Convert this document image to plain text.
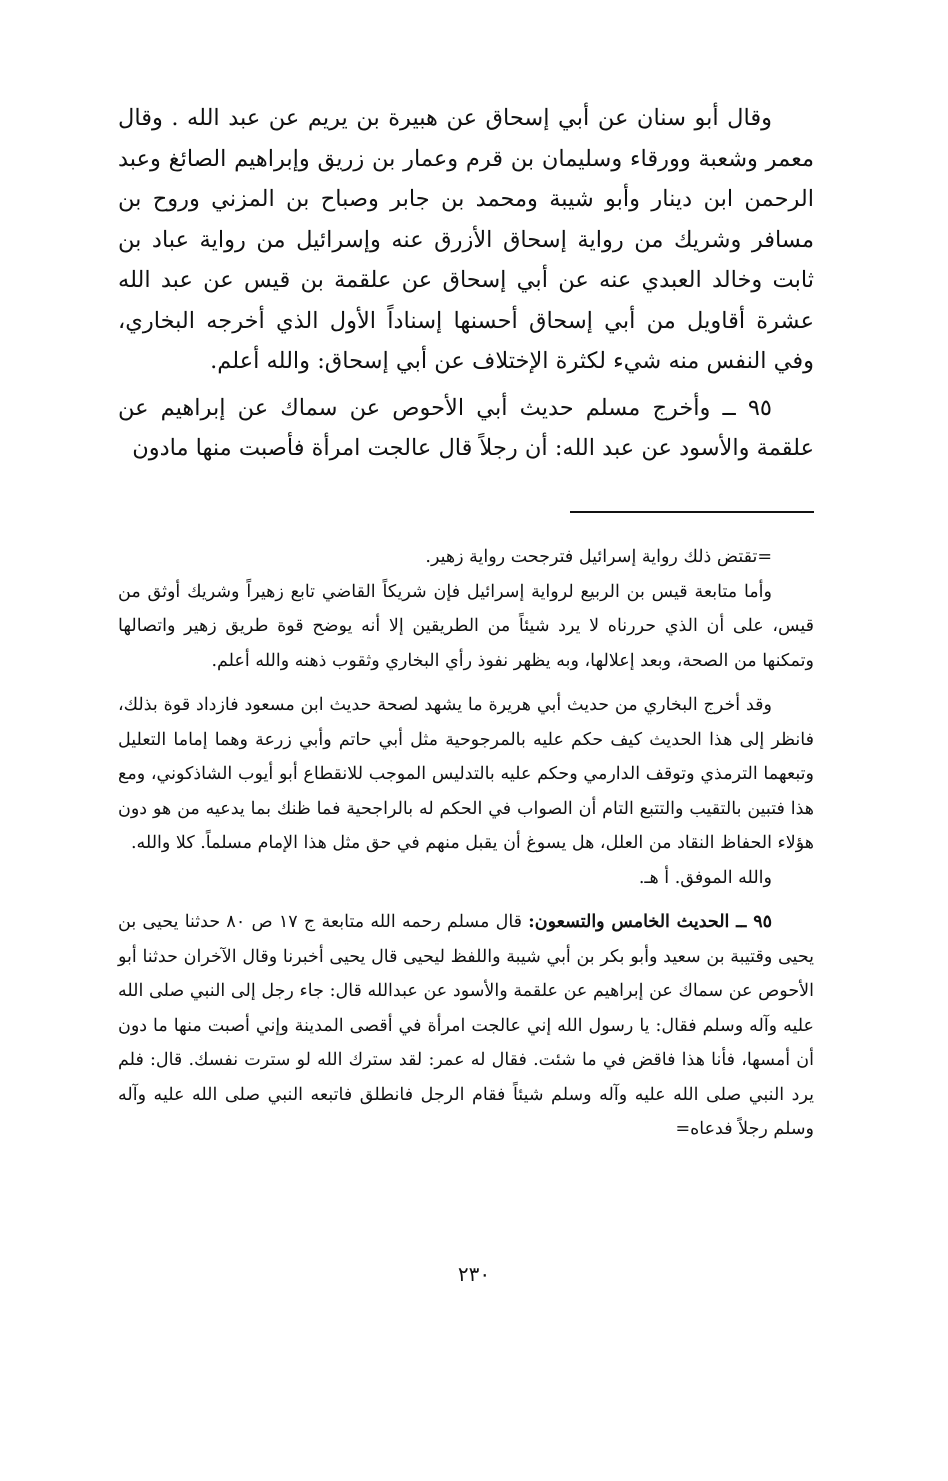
وقال أبو سنان عن أبي إسحاق عن هبيرة بن يريم عن عبد الله . وقال معمر وشعبة وورقاء وسليمان بن قرم وعمار بن زريق وإبراهيم الصائغ وعبد الرحمن ابن دينار وأبو شيبة ومحمد بن جابر وصباح بن المزني وروح بن مسافر وشريك من رواية إسحاق الأزرق عنه وإسرائيل من رواية عباد بن ثابت وخالد العبدي عنه عن أبي إسحاق عن علقمة بن قيس عن عبد الله عشرة أقاويل من أبي إسحاق أحسنها إسناداً الأول الذي أخرجه البخاري، وفي النفس منه شيء لكثرة الإختلاف عن أبي إسحاق: والله أعلم.

٩٥ ــ وأخرج مسلم حديث أبي الأحوص عن سماك عن إبراهيم عن علقمة والأسود عن عبد الله: أن رجلاً قال عالجت امرأة فأصبت منها مادون

=تقتض ذلك رواية إسرائيل فترجحت رواية زهير.

وأما متابعة قيس بن الربيع لرواية إسرائيل فإن شريكاً القاضي تابع زهيراً وشريك أوثق من قيس، على أن الذي حررناه لا يرد شيئاً من الطريقين إلا أنه يوضح قوة طريق زهير واتصالها وتمكنها من الصحة، وبعد إعلالها، وبه يظهر نفوذ رأي البخاري وثقوب ذهنه والله أعلم.

وقد أخرج البخاري من حديث أبي هريرة ما يشهد لصحة حديث ابن مسعود فازداد قوة بذلك، فانظر إلى هذا الحديث كيف حكم عليه بالمرجوحية مثل أبي حاتم وأبي زرعة وهما إماما التعليل وتبعهما الترمذي وتوقف الدارمي وحكم عليه بالتدليس الموجب للانقطاع أبو أيوب الشاذكوني، ومع هذا فتبين بالتقيب والتتبع التام أن الصواب في الحكم له بالراجحية فما ظنك بما يدعيه من هو دون هؤلاء الحفاظ النقاد من العلل، هل يسوغ أن يقبل منهم في حق مثل هذا الإمام مسلماً. كلا والله.

والله الموفق. أ هـ.

٩٥ ــ الحديث الخامس والتسعون: قال مسلم رحمه الله متابعة ج ١٧ ص ٨٠ حدثنا يحيى بن يحيى وقتيبة بن سعيد وأبو بكر بن أبي شيبة واللفظ ليحيى قال يحيى أخبرنا وقال الآخران حدثنا أبو الأحوص عن سماك عن إبراهيم عن علقمة والأسود عن عبدالله قال: جاء رجل إلى النبي صلى الله عليه وآله وسلم فقال: يا رسول الله إني عالجت امرأة في أقصى المدينة وإني أصبت منها ما دون أن أمسها، فأنا هذا فاقض في ما شئت. فقال له عمر: لقد سترك الله لو سترت نفسك. قال: فلم يرد النبي صلى الله عليه وآله وسلم شيئاً فقام الرجل فانطلق فاتبعه النبي صلى الله عليه وآله وسلم رجلاً فدعاه=

٢٣٠
